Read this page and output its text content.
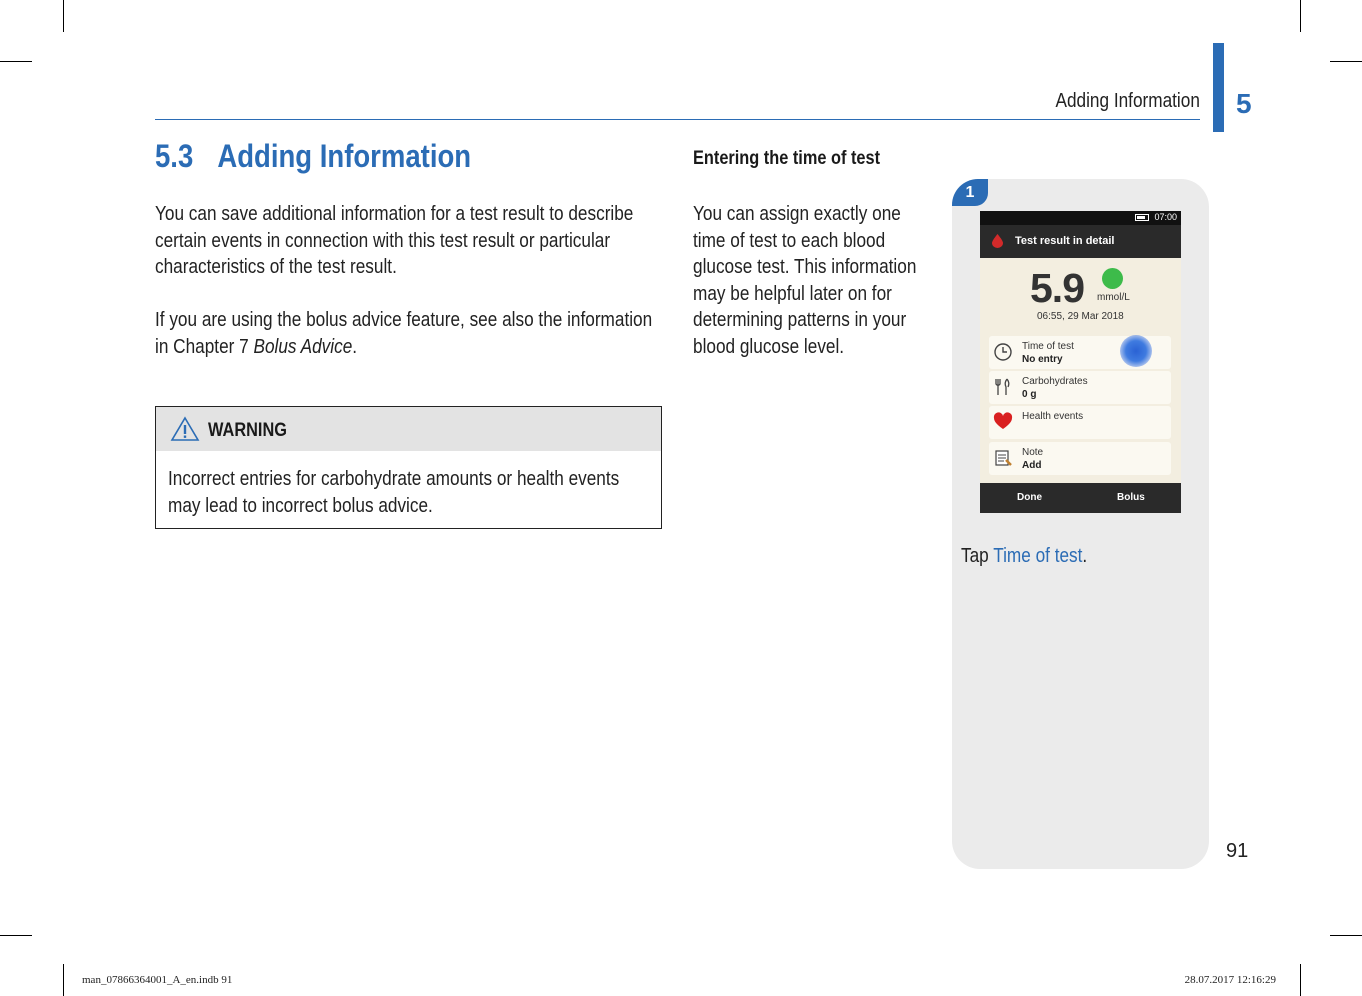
Adding Information 5
5.3 Adding Information
You can save additional information for a test result to describe certain events in connection with this test result or particular characteristics of the test result.
If you are using the bolus advice feature, see also the information in Chapter 7 Bolus Advice.
WARNING
Incorrect entries for carbohydrate amounts or health events may lead to incorrect bolus advice.
Entering the time of test
You can assign exactly one time of test to each blood glucose test. This information may be helpful later on for determining patterns in your blood glucose level.
1
07:00
Test result in detail
5.9 mmol/L
06:55, 29 Mar 2018
Time of test
No entry
Carbohydrates
0 g
Health events
Note
Add
Done	Bolus
Tap Time of test.
91
man_07866364001_A_en.indb 91	28.07.2017 12:16:29
